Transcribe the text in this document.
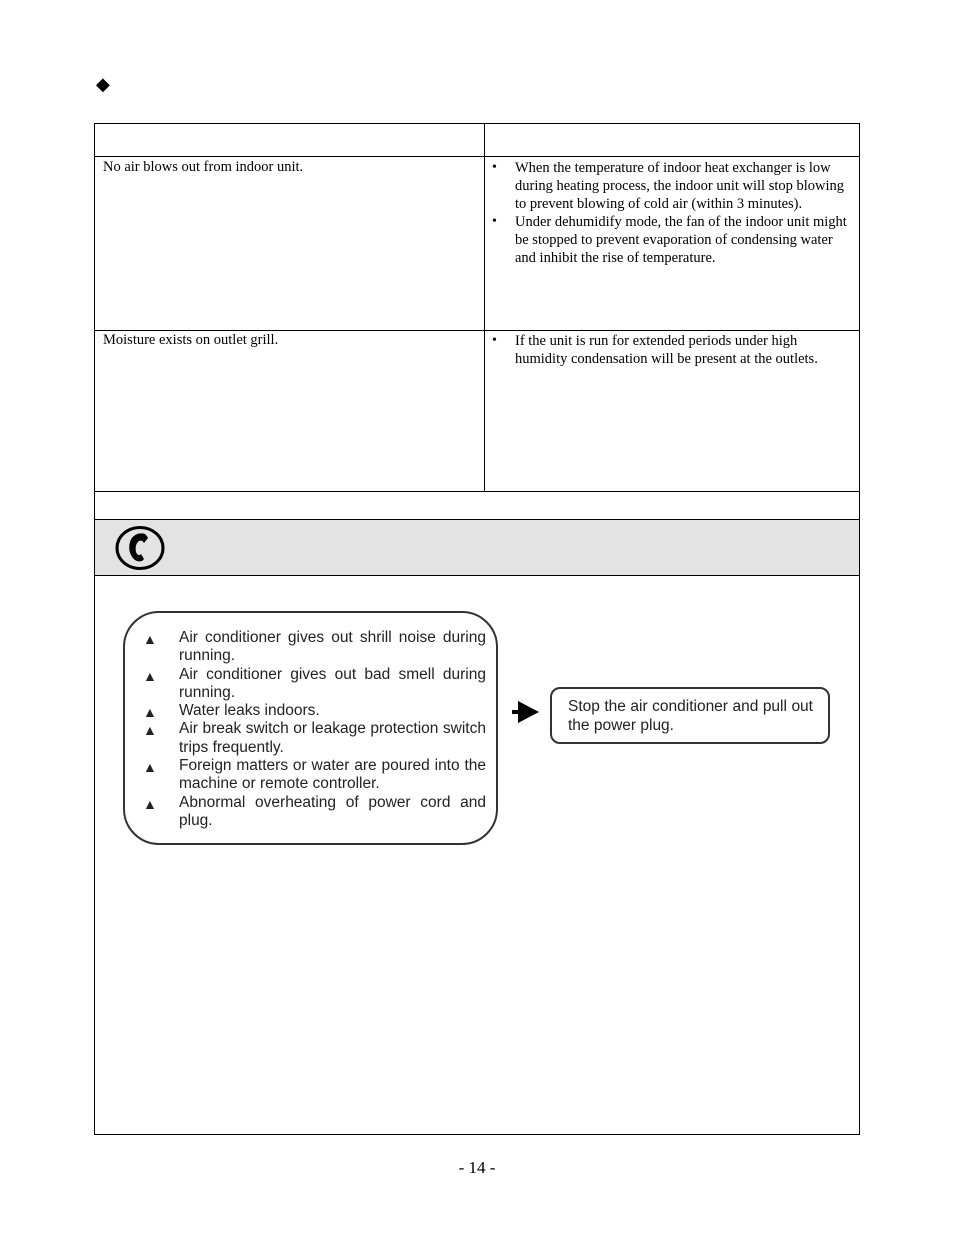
◆
No air blows out from indoor unit.	• When the temperature of indoor heat exchanger is low during heating process, the indoor unit will stop blowing to prevent blowing of cold air (within 3 minutes).
• Under dehumidify mode, the fan of the indoor unit might be stopped to prevent evaporation of condensing water and inhibit the rise of temperature.
Moisture exists on outlet grill.	• If the unit is run for extended periods under high humidity condensation will be present at the outlets.
▲ Air conditioner gives out shrill noise during running.
▲ Air conditioner gives out bad smell during running.
▲ Water leaks indoors.
▲ Air break switch or leakage protection switch trips frequently.
▲ Foreign matters or water are poured into the machine or remote controller.
▲ Abnormal overheating of power cord and plug.
Stop the air conditioner and pull out the power plug.
- 14 -
